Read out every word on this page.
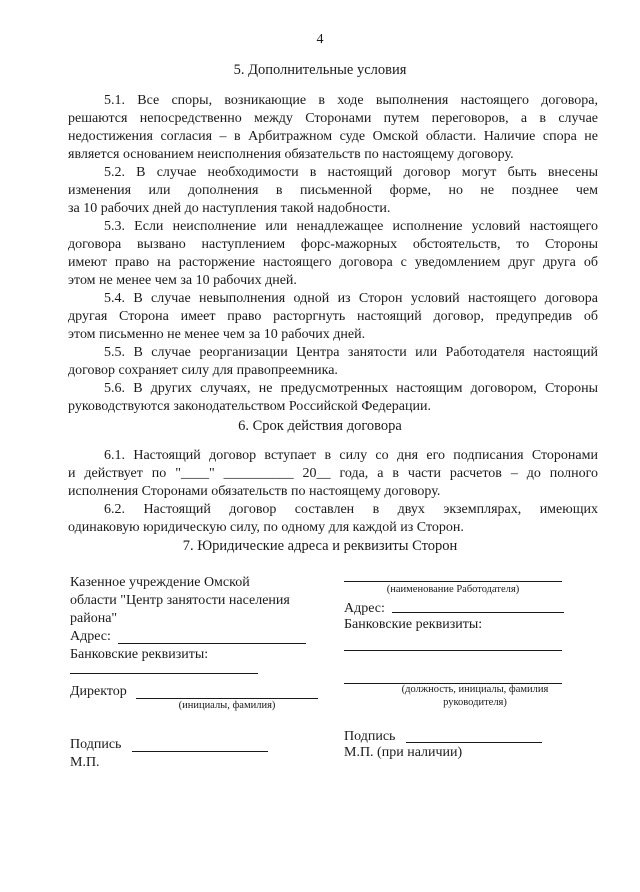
4
5. Дополнительные условия
5.1. Все споры, возникающие в ходе выполнения настоящего договора,
решаются непосредственно между Сторонами путем переговоров, а в случае
недостижения согласия – в Арбитражном суде Омской области. Наличие спора не
является основанием неисполнения обязательств по настоящему договору.
5.2. В случае необходимости в настоящий договор могут быть внесены
изменения или дополнения в письменной форме, но не позднее чем
за 10 рабочих дней до наступления такой надобности.
5.3. Если неисполнение или ненадлежащее исполнение условий настоящего
договора вызвано наступлением форс-мажорных обстоятельств, то Стороны
имеют право на расторжение настоящего договора с уведомлением друг друга об
этом не менее чем за 10 рабочих дней.
5.4. В случае невыполнения одной из Сторон условий настоящего договора
другая Сторона имеет право расторгнуть настоящий договор, предупредив об
этом письменно не менее чем за 10 рабочих дней.
5.5. В случае реорганизации Центра занятости или Работодателя настоящий
договор сохраняет силу для правопреемника.
5.6. В других случаях, не предусмотренных настоящим договором, Стороны
руководствуются законодательством Российской Федерации.
6. Срок действия договора
6.1. Настоящий договор вступает в силу со дня его подписания Сторонами
и действует по "____" __________ 20__ года, а в части расчетов – до полного
исполнения Сторонами обязательств по настоящему договору.
6.2. Настоящий договор составлен в двух экземплярах, имеющих
одинаковую юридическую силу, по одному для каждой из Сторон.
7. Юридические адреса и реквизиты Сторон
Казенное учреждение Омской
области "Центр занятости населения
района"
Адрес:
Банковские реквизиты:
Директор
(инициалы, фамилия)
Подпись
М.П.
(наименование Работодателя)
Адрес:
Банковские реквизиты:
(должность, инициалы, фамилия
руководителя)
Подпись
М.П. (при наличии)
